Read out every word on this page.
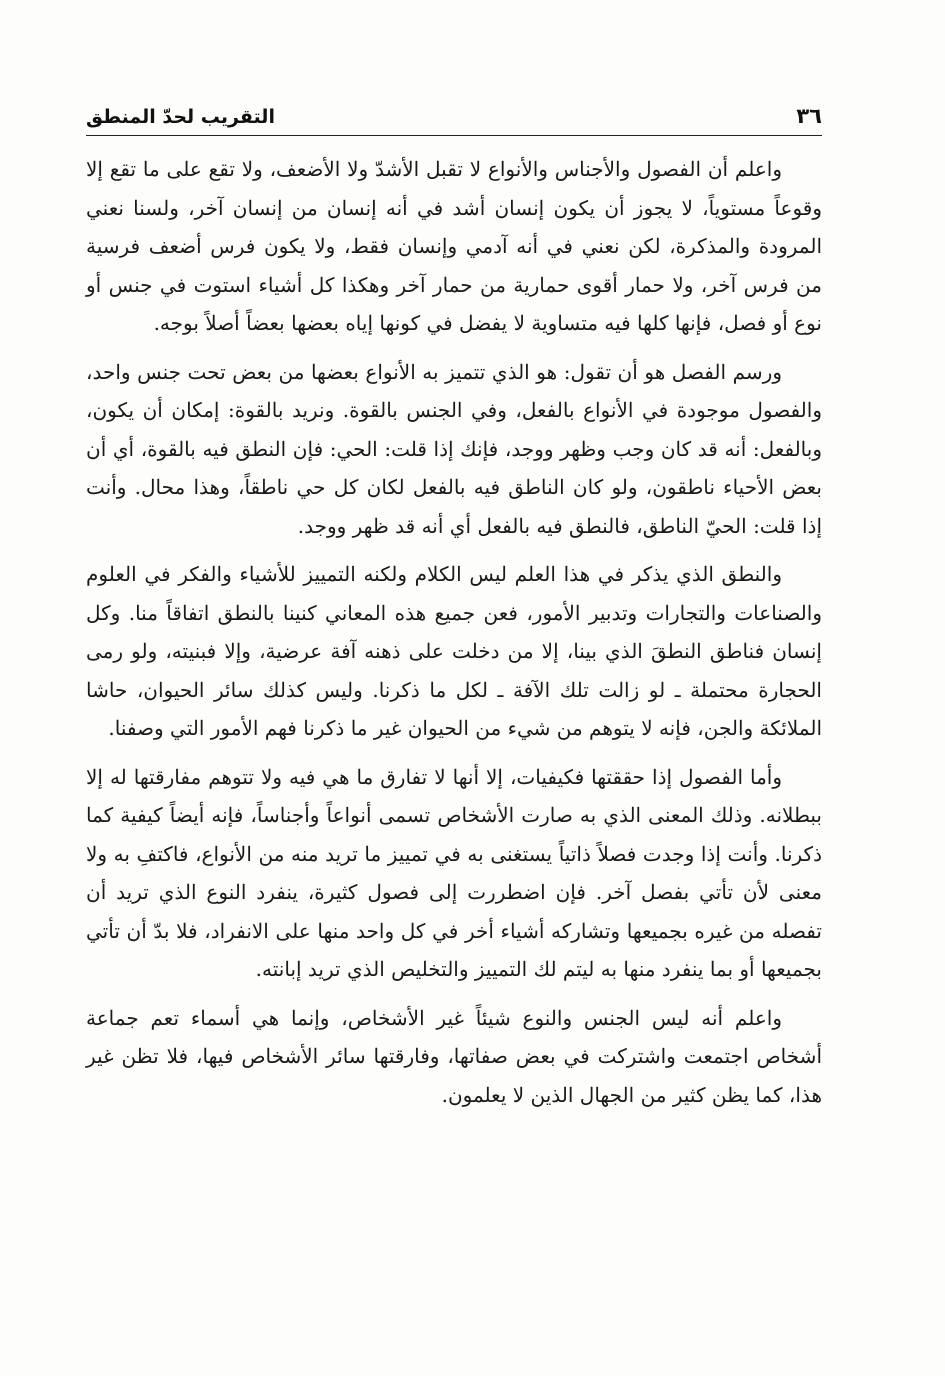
٣٦
التقريب لحدّ المنطق

واعلم أن الفصول والأجناس والأنواع لا تقبل الأشدّ ولا الأضعف، ولا تقع على ما تقع إلا وقوعاً مستوياً، لا يجوز أن يكون إنسان أشد في أنه إنسان من إنسان آخر، ولسنا نعني المرودة والمذكرة، لكن نعني في أنه آدمي وإنسان فقط، ولا يكون فرس أضعف فرسية من فرس آخر، ولا حمار أقوى حمارية من حمار آخر وهكذا كل أشياء استوت في جنس أو نوع أو فصل، فإنها كلها فيه متساوية لا يفضل في كونها إياه بعضها بعضاً أصلاً بوجه.

ورسم الفصل هو أن تقول: هو الذي تتميز به الأنواع بعضها من بعض تحت جنس واحد، والفصول موجودة في الأنواع بالفعل، وفي الجنس بالقوة. ونريد بالقوة: إمكان أن يكون، وبالفعل: أنه قد كان وجب وظهر ووجد، فإنك إذا قلت: الحي: فإن النطق فيه بالقوة، أي أن بعض الأحياء ناطقون، ولو كان الناطق فيه بالفعل لكان كل حي ناطقاً، وهذا محال. وأنت إذا قلت: الحيّ الناطق، فالنطق فيه بالفعل أي أنه قد ظهر ووجد.

والنطق الذي يذكر في هذا العلم ليس الكلام ولكنه التمييز للأشياء والفكر في العلوم والصناعات والتجارات وتدبير الأمور، فعن جميع هذه المعاني كنينا بالنطق اتفاقاً منا. وكل إنسان فناطق النطقَ الذي بينا، إلا من دخلت على ذهنه آفة عرضية، وإلا فبنيته، ولو رمى الحجارة محتملة ـ لو زالت تلك الآفة ـ لكل ما ذكرنا. وليس كذلك سائر الحيوان، حاشا الملائكة والجن، فإنه لا يتوهم من شيء من الحيوان غير ما ذكرنا فهم الأمور التي وصفنا.

وأما الفصول إذا حققتها فكيفيات، إلا أنها لا تفارق ما هي فيه ولا تتوهم مفارقتها له إلا ببطلانه. وذلك المعنى الذي به صارت الأشخاص تسمى أنواعاً وأجناساً، فإنه أيضاً كيفية كما ذكرنا. وأنت إذا وجدت فصلاً ذاتياً يستغنى به في تمييز ما تريد منه من الأنواع، فاكتفِ به ولا معنى لأن تأتي بفصل آخر. فإن اضطررت إلى فصول كثيرة، ينفرد النوع الذي تريد أن تفصله من غيره بجميعها وتشاركه أشياء أخر في كل واحد منها على الانفراد، فلا بدّ أن تأتي بجميعها أو بما ينفرد منها به ليتم لك التمييز والتخليص الذي تريد إبانته.

واعلم أنه ليس الجنس والنوع شيئاً غير الأشخاص، وإنما هي أسماء تعم جماعة أشخاص اجتمعت واشتركت في بعض صفاتها، وفارقتها سائر الأشخاص فيها، فلا تظن غير هذا، كما يظن كثير من الجهال الذين لا يعلمون.
